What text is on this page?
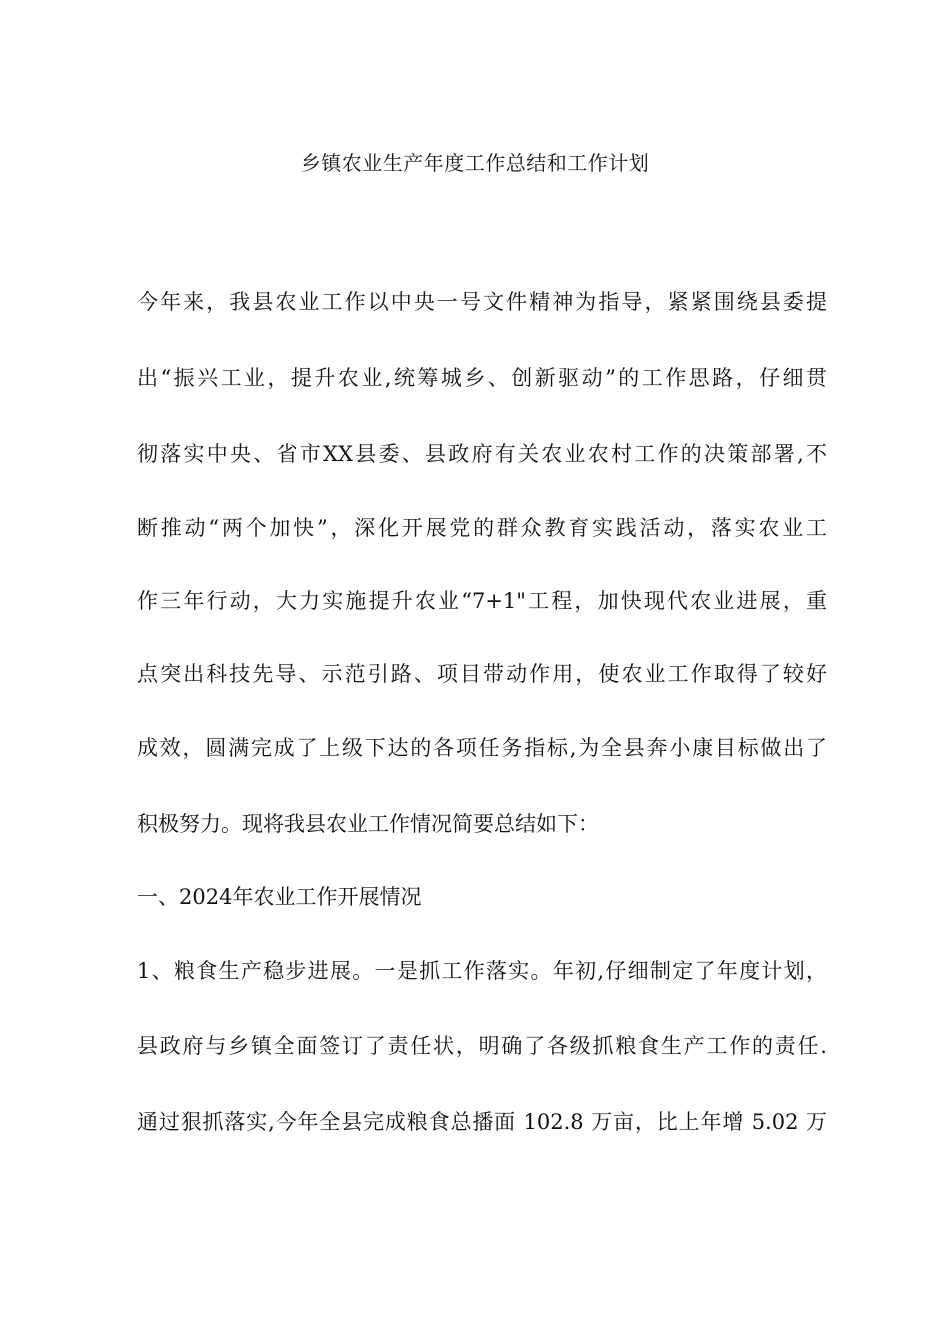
乡镇农业生产年度工作总结和工作计划
今年来，我县农业工作以中央一号文件精神为指导，紧紧围绕县委提
出“振兴工业，提升农业,统筹城乡、创新驱动”的工作思路，仔细贯
彻落实中央、省市XX县委、县政府有关农业农村工作的决策部署,不
断推动“两个加快”，深化开展党的群众教育实践活动，落实农业工
作三年行动，大力实施提升农业“7+1"工程，加快现代农业进展，重
点突出科技先导、示范引路、项目带动作用，使农业工作取得了较好
成效，圆满完成了上级下达的各项任务指标,为全县奔小康目标做出了
积极努力。现将我县农业工作情况简要总结如下：
一、2024年农业工作开展情况
1、粮食生产稳步进展。一是抓工作落实。年初,仔细制定了年度计划，
县政府与乡镇全面签订了责任状，明确了各级抓粮食生产工作的责任.
通过狠抓落实,今年全县完成粮食总播面 102.8 万亩，比上年增 5.02 万
